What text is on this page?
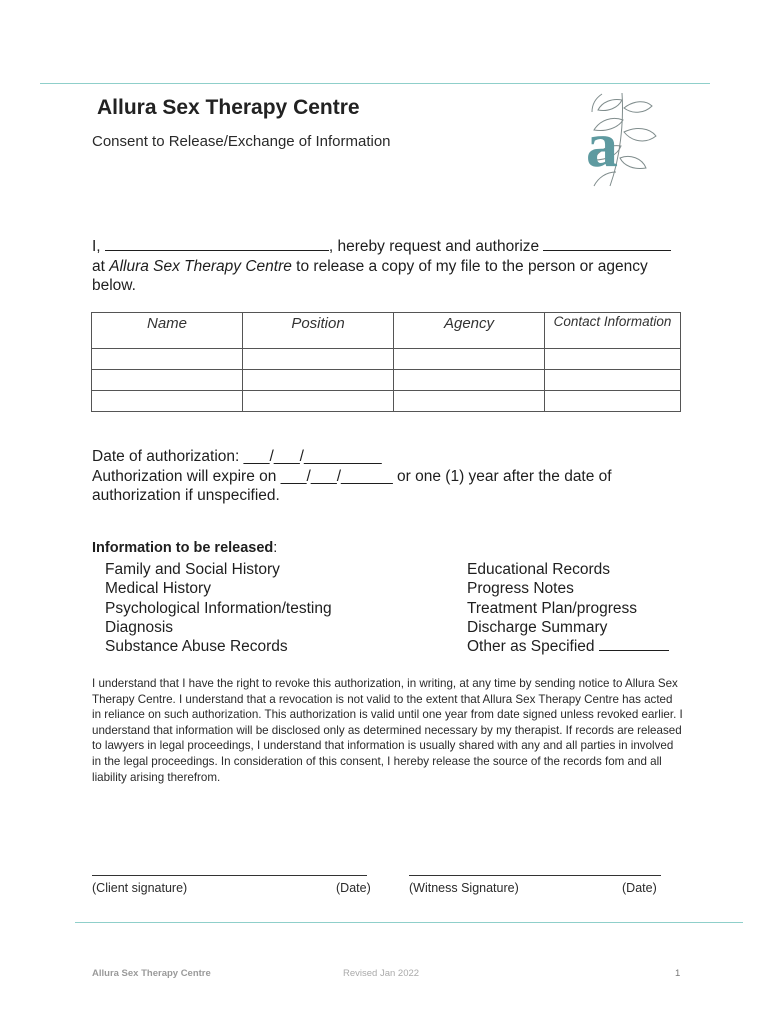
Allura Sex Therapy Centre
Consent to Release/Exchange of Information	a
I,	, hereby request and authorize
at Allura Sex Therapy Centre to release a copy of my file to the person or agency below.
Name	Position	Agency	Contact Information

Date of authorization: ___/___/_________
Authorization will expire on ___/___/______ or one (1) year after the date of authorization if unspecified.
Information to be released:
Family and Social History
Medical History
Psychological Information/testing
Diagnosis
Substance Abuse Records
Educational Records
Progress Notes
Treatment Plan/progress
Discharge Summary
Other as Specified
I understand that I have the right to revoke this authorization, in writing, at any time by sending notice to Allura Sex Therapy Centre. I understand that a revocation is not valid to the extent that Allura Sex Therapy Centre has acted in reliance on such authorization. This authorization is valid until one year from date signed unless revoked earlier. I understand that information will be disclosed only as determined necessary by my therapist. If records are released to lawyers in legal proceedings, I understand that information is usually shared with any and all parties in involved in the legal proceedings. In consideration of this consent, I hereby release the source of the records fom and all liability arising therefrom.
(Client signature)	(Date)	(Witness Signature)	(Date)
Allura Sex Therapy Centre	Revised Jan 2022	1
